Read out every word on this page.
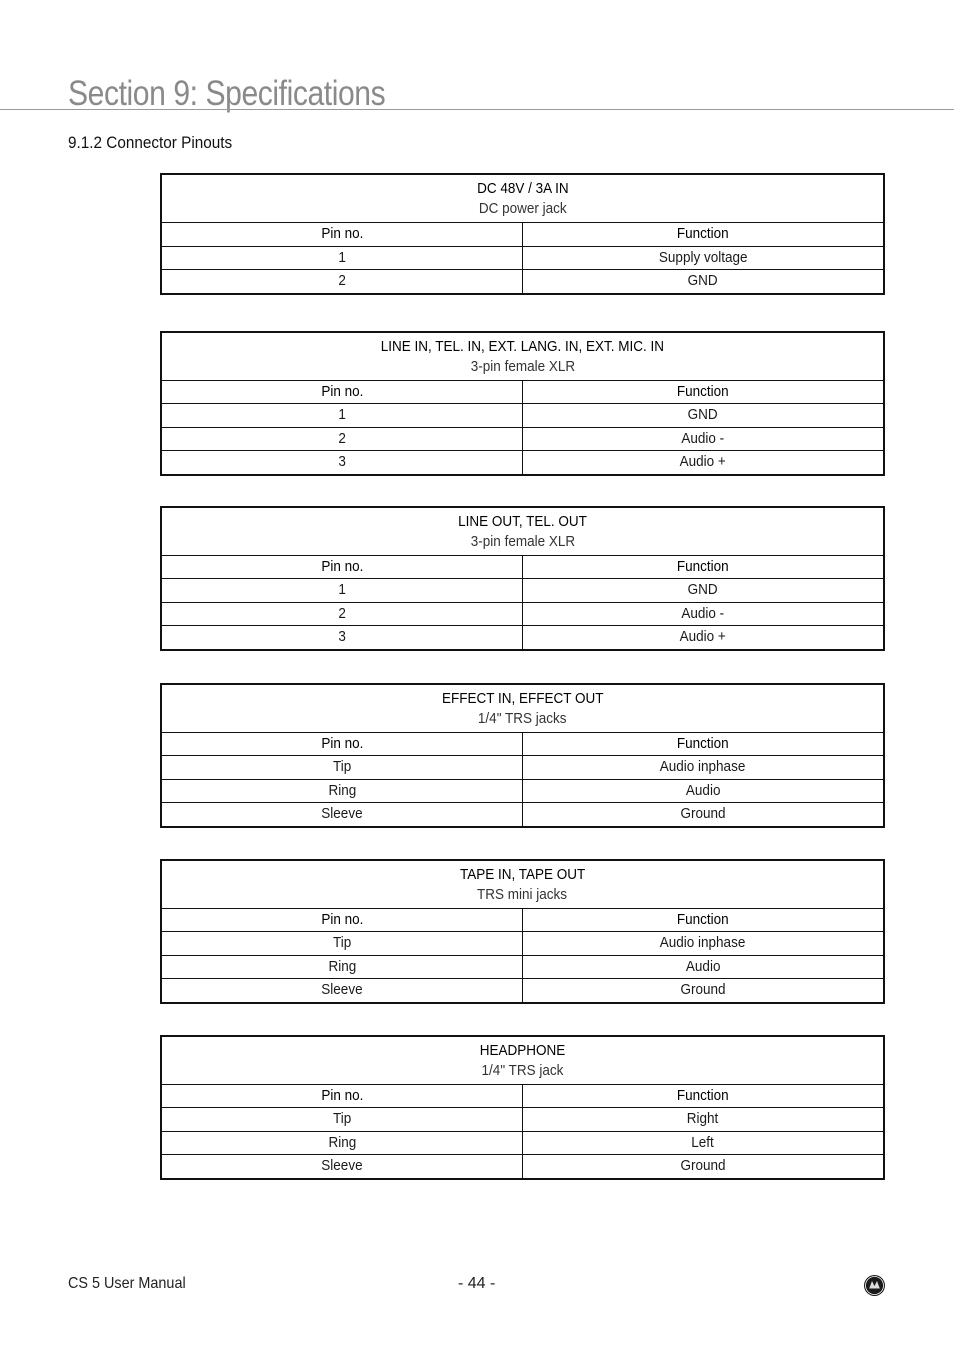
Section 9: Specifications
9.1.2 Connector Pinouts
DC 48V / 3A IN
DC power jack	
Pin no.	Function
1	Supply voltage
2	GND
LINE IN, TEL. IN, EXT. LANG. IN, EXT. MIC. IN
3-pin female XLR	
Pin no.	Function
1	GND
2	Audio -
3	Audio +
LINE OUT, TEL. OUT
3-pin female XLR	
Pin no.	Function
1	GND
2	Audio -
3	Audio +
EFFECT IN, EFFECT OUT
1/4" TRS jacks	
Pin no.	Function
Tip	Audio inphase
Ring	Audio
Sleeve	Ground
TAPE IN, TAPE OUT
TRS mini jacks	
Pin no.	Function
Tip	Audio inphase
Ring	Audio
Sleeve	Ground
HEADPHONE
1/4" TRS jack	
Pin no.	Function
Tip	Right
Ring	Left
Sleeve	Ground
CS 5 User Manual	- 44 -
